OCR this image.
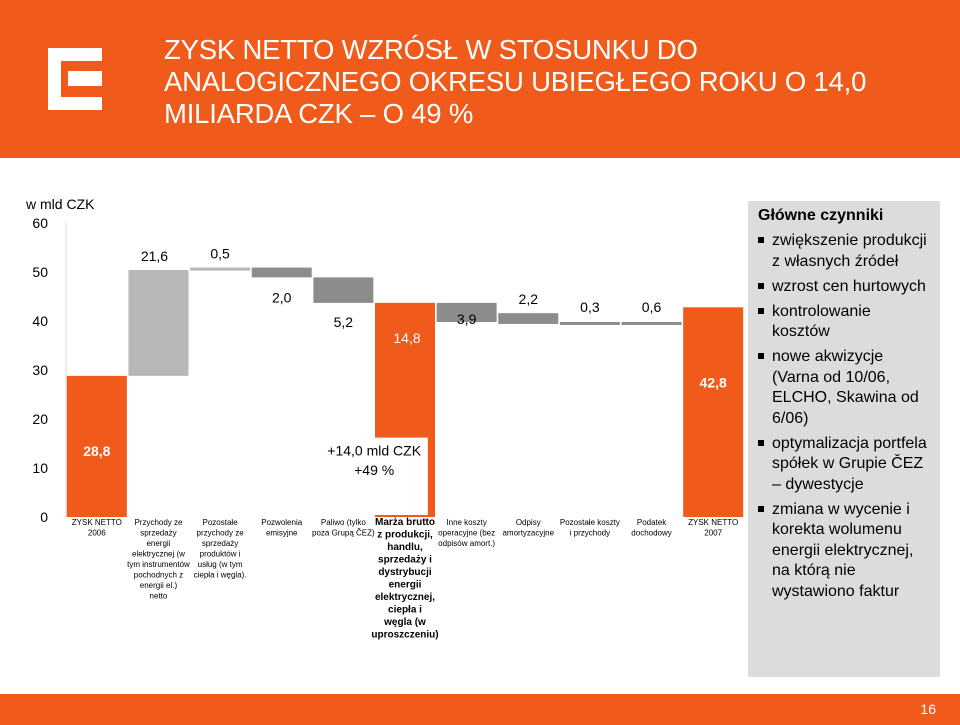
ZYSK NETTO WZRÓSŁ W STOSUNKU DO ANALOGICZNEGO OKRESU UBIEGŁEGO ROKU O 14,0 MILIARDA CZK – O 49 %
w mld CZK
0
10
20
30
40
50
60
28,8
21,6	0,5
2,0
5,2
14,8
3,9
2,2	0,3	0,6
42,8
+14,0 mld CZK
+49 %
ZYSK NETTO 2006
Przychody ze sprzedaży energii elektrycznej (w tym instrumentów pochodnych z energii el.) netto
Pozostałe przychody ze sprzedaży produktów i usług (w tym ciepła i węgla).
Pozwolenia emisyjne
Paliwo (tylko poza Grupą ČEZ)
Marża brutto z produkcji, handlu, sprzedaży i dystrybucji energii elektrycznej, ciepła i węgla (w uproszczeniu)
Inne koszty operacyjne (bez odpisów amort.)
Odpisy amortyzacyjne
Pozostałe koszty i przychody
Podatek dochodowy
ZYSK NETTO 2007
Główne czynniki
zwiększenie produkcji z własnych źródeł
wzrost cen hurtowych
kontrolowanie kosztów
nowe akwizycje (Varna od 10/06, ELCHO, Skawina od 6/06)
optymalizacja portfela spółek w Grupie ČEZ – dywestycje
zmiana w wycenie i korekta wolumenu energii elektrycznej, na którą nie wystawiono faktur
16
